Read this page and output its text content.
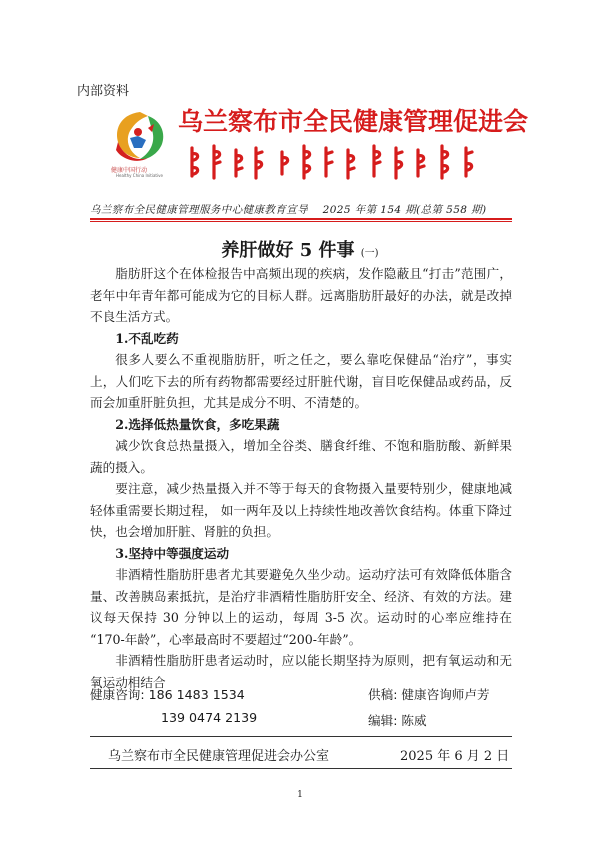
内部资料
健康中国行动
Healthy China Initiative
乌兰察布市全民健康管理促进会
乌兰察布全民健康管理服务中心健康教育宣导　 2025 年第 154 期(总第 558 期)
养肝做好 5 件事 (一)

脂肪肝这个在体检报告中高频出现的疾病，发作隐蔽且“打击”范围广，老年中年青年都可能成为它的目标人群。远离脂肪肝最好的办法，就是改掉不良生活方式。

1.不乱吃药

很多人要么不重视脂肪肝，听之任之，要么靠吃保健品“治疗”，事实上，人们吃下去的所有药物都需要经过肝脏代谢，盲目吃保健品或药品，反而会加重肝脏负担，尤其是成分不明、不清楚的。

2.选择低热量饮食，多吃果蔬

减少饮食总热量摄入，增加全谷类、膳食纤维、不饱和脂肪酸、新鲜果蔬的摄入。

要注意，减少热量摄入并不等于每天的食物摄入量要特别少，健康地减轻体重需要长期过程， 如一两年及以上持续性地改善饮食结构。体重下降过快，也会增加肝脏、肾脏的负担。

3.坚持中等强度运动

非酒精性脂肪肝患者尤其要避免久坐少动。运动疗法可有效降低体脂含量、改善胰岛素抵抗，是治疗非酒精性脂肪肝安全、经济、有效的方法。建议每天保持 30 分钟以上的运动，每周 3-5 次。运动时的心率应维持在 “170-年龄”，心率最高时不要超过“200-年龄”。

非酒精性脂肪肝患者运动时，应以能长期坚持为原则，把有氧运动和无氧运动相结合

健康咨询: 186 1483 1534
139 0474 2139
供稿: 健康咨询师卢芳
编辑: 陈威
乌兰察布市全民健康管理促进会办公室	2025 年 6 月 2 日
1
